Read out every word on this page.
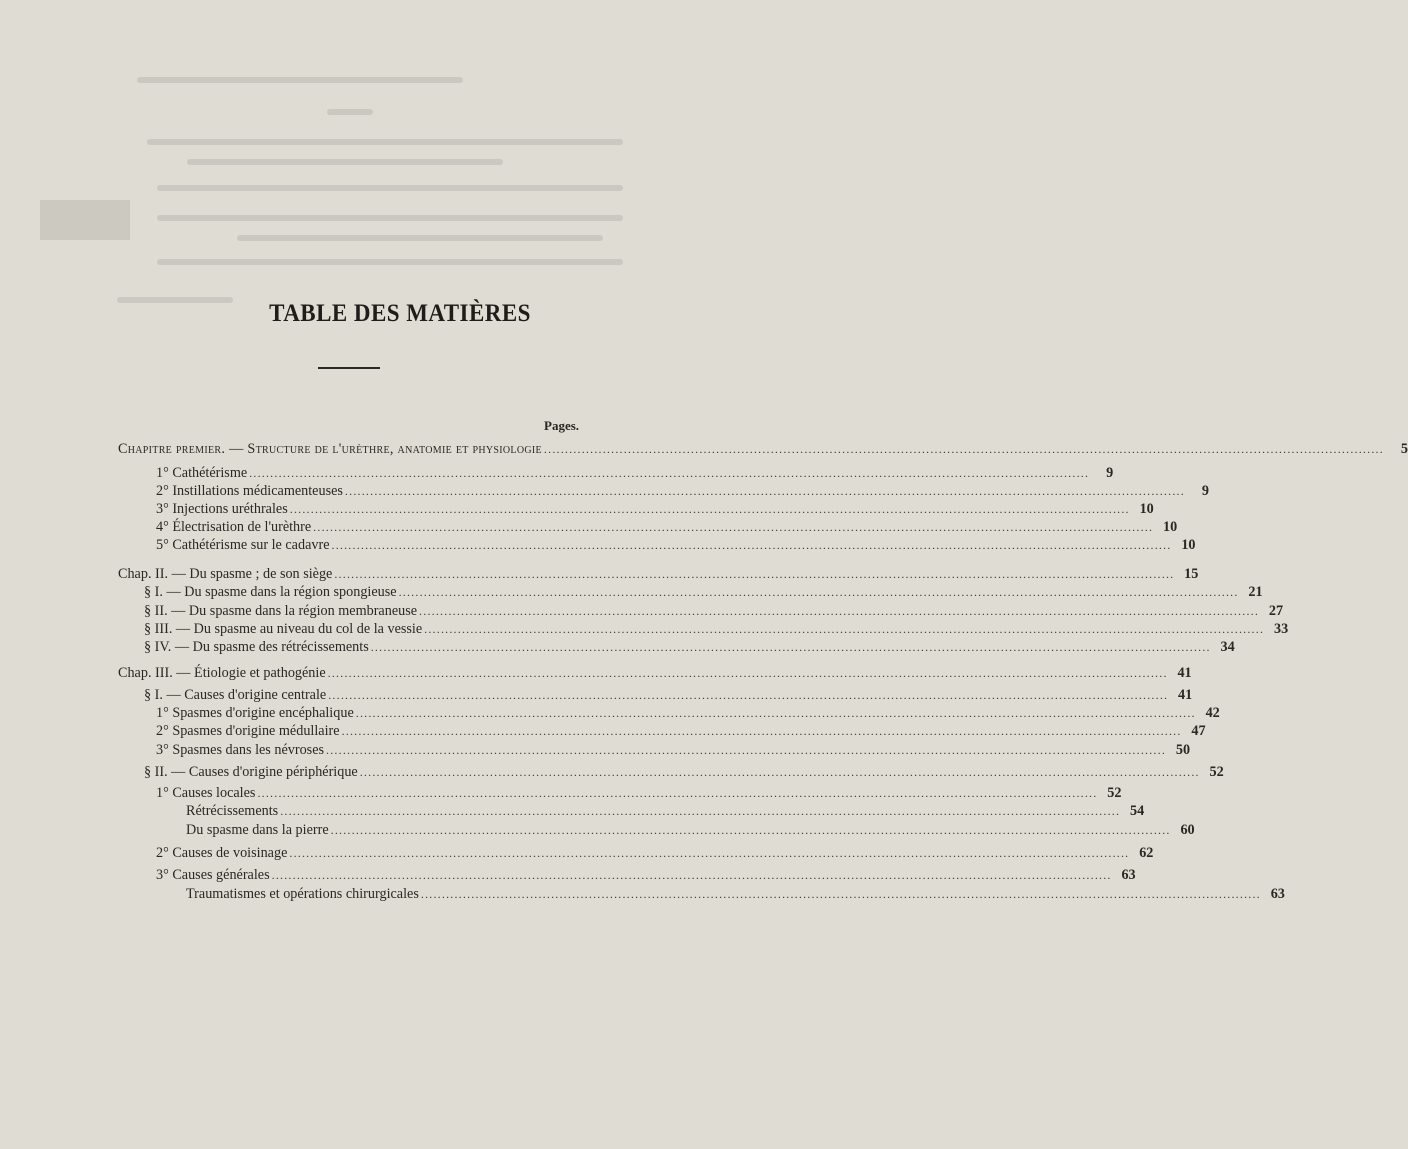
TABLE DES MATIÈRES
Pages.
Chapitre premier. — Structure de l'urèthre, anatomie et physiologie ........................................................................................................................................................................................................	5
1° Cathétérisme ........................................................................................................................................................................................................	9
2° Instillations médicamenteuses ........................................................................................................................................................................................................	9
3° Injections uréthrales ........................................................................................................................................................................................................ 10
4° Électrisation de l'urèthre ........................................................................................................................................................................................................ 10
5° Cathétérisme sur le cadavre ........................................................................................................................................................................................................ 10
Chap. II. — Du spasme ; de son siège ........................................................................................................................................................................................................ 15
§ I. — Du spasme dans la région spongieuse ........................................................................................................................................................................................................ 21
§ II. — Du spasme dans la région membraneuse ........................................................................................................................................................................................................ 27
§ III. — Du spasme au niveau du col de la vessie ........................................................................................................................................................................................................ 33
§ IV. — Du spasme des rétrécissements ........................................................................................................................................................................................................ 34
Chap. III. — Étiologie et pathogénie ........................................................................................................................................................................................................ 41
§ I. — Causes d'origine centrale ........................................................................................................................................................................................................ 41
1° Spasmes d'origine encéphalique ........................................................................................................................................................................................................ 42
2° Spasmes d'origine médullaire ........................................................................................................................................................................................................ 47
3° Spasmes dans les névroses ........................................................................................................................................................................................................ 50
§ II. — Causes d'origine périphérique ........................................................................................................................................................................................................ 52
1° Causes locales ........................................................................................................................................................................................................ 52
Rétrécissements ........................................................................................................................................................................................................ 54
Du spasme dans la pierre ........................................................................................................................................................................................................ 60
2° Causes de voisinage ........................................................................................................................................................................................................ 62
3° Causes générales ........................................................................................................................................................................................................ 63
Traumatismes et opérations chirurgicales ........................................................................................................................................................................................................ 63
